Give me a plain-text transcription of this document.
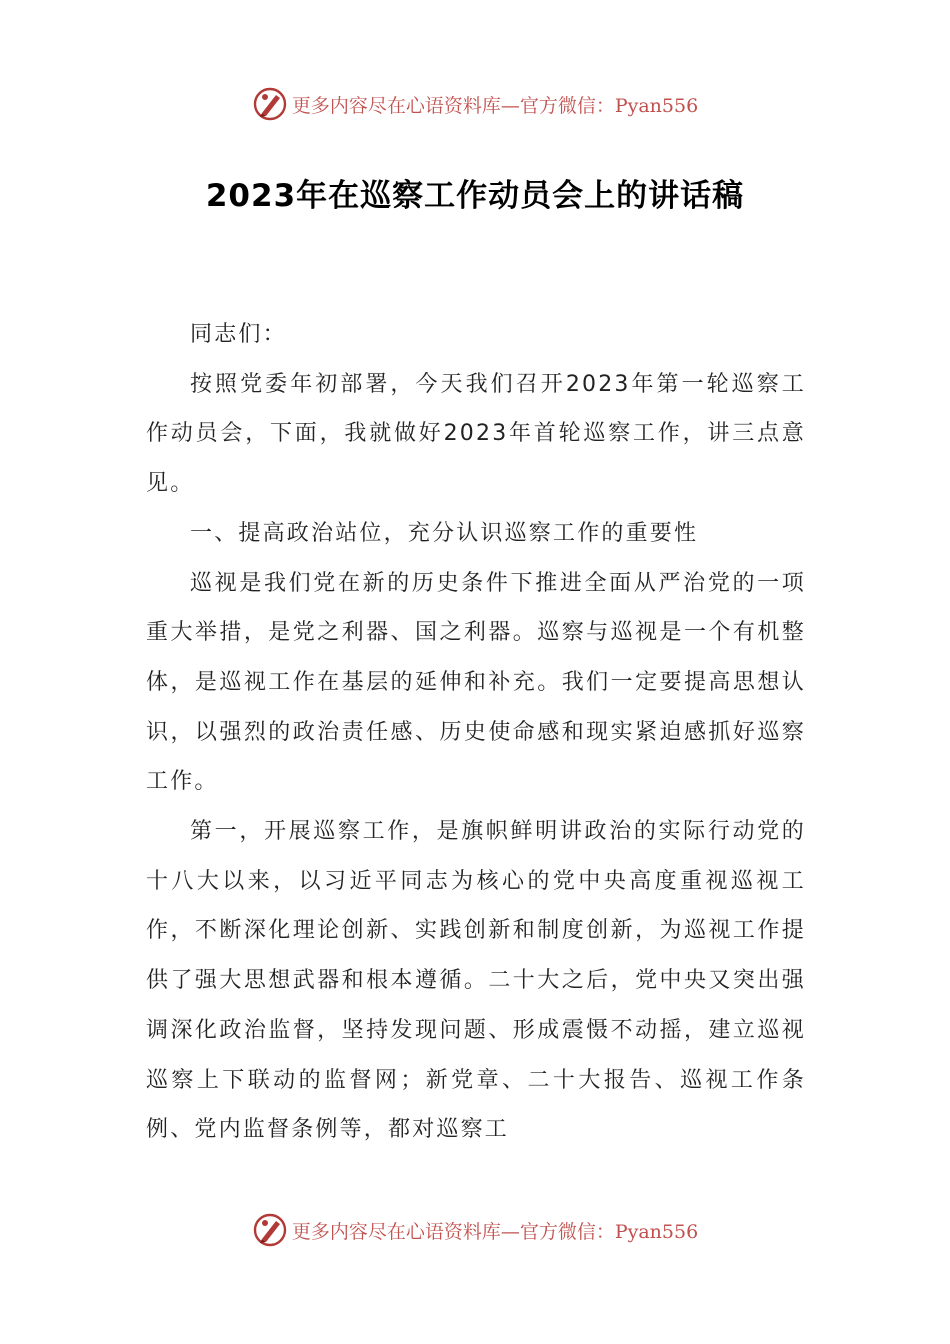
更多内容尽在心语资料库—官方微信：Pyan556
2023年在巡察工作动员会上的讲话稿

同志们：

按照党委年初部署，今天我们召开2023年第一轮巡察工作动员会，下面，我就做好2023年首轮巡察工作，讲三点意见。

一、提高政治站位，充分认识巡察工作的重要性

巡视是我们党在新的历史条件下推进全面从严治党的一项重大举措，是党之利器、国之利器。巡察与巡视是一个有机整体，是巡视工作在基层的延伸和补充。我们一定要提高思想认识，以强烈的政治责任感、历史使命感和现实紧迫感抓好巡察工作。

第一，开展巡察工作，是旗帜鲜明讲政治的实际行动党的十八大以来，以习近平同志为核心的党中央高度重视巡视工作，不断深化理论创新、实践创新和制度创新，为巡视工作提供了强大思想武器和根本遵循。二十大之后，党中央又突出强调深化政治监督，坚持发现问题、形成震慑不动摇，建立巡视巡察上下联动的监督网；新党章、二十大报告、巡视工作条例、党内监督条例等，都对巡察工

更多内容尽在心语资料库—官方微信：Pyan556
